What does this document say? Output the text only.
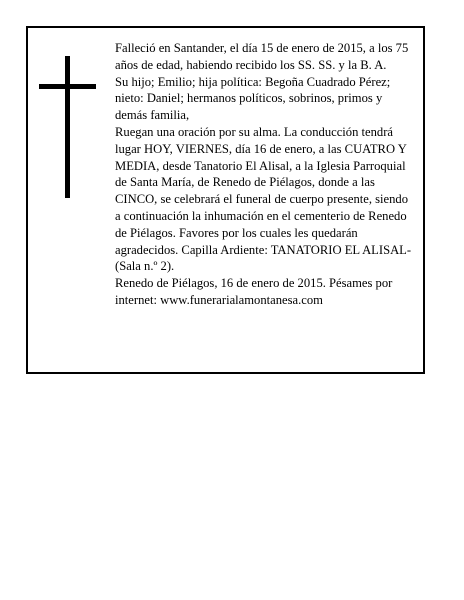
Falleció en Santander, el día 15 de enero de 2015, a los 75 años de edad, habiendo recibido los SS. SS. y la B. A.

Su hijo; Emilio; hija política: Begoña Cuadrado Pérez; nieto: Daniel; hermanos políticos, sobrinos, primos y demás familia,

Ruegan una oración por su alma. La conducción tendrá lugar HOY, VIERNES, día 16 de enero, a las CUATRO Y MEDIA, desde Tanatorio El Alisal, a la Iglesia Parroquial de Santa María, de Renedo de Piélagos, donde a las CINCO, se celebrará el funeral de cuerpo presente, siendo a continuación la inhumación en el cementerio de Renedo de Piélagos. Favores por los cuales les quedarán agradecidos. Capilla Ardiente: TANATORIO EL ALISAL-(Sala n.º 2).

Renedo de Piélagos, 16 de enero de 2015. Pésames por internet: www.funerarialamontanesa.com
